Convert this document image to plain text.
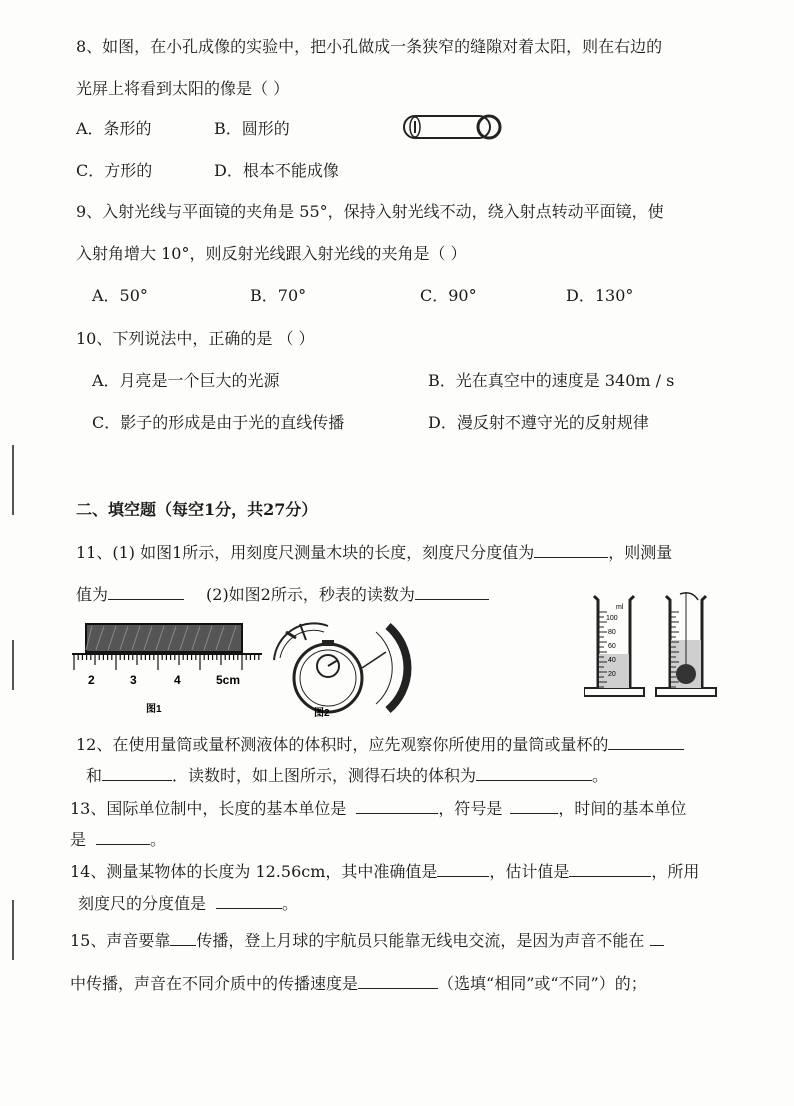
8、如图，在小孔成像的实验中，把小孔做成一条狭窄的缝隙对着太阳，则在右边的
光屏上将看到太阳的像是（ ）
A．条形的	B．圆形的
C．方形的	D．根本不能成像
9、入射光线与平面镜的夹角是 55°，保持入射光线不动，绕入射点转动平面镜，使
入射角增大 10°，则反射光线跟入射光线的夹角是（ ）
A．50°	B．70°	C．90°	D．130°
10、下列说法中，正确的是 （ ）
A．月亮是一个巨大的光源	B．光在真空中的速度是 340m / s
C．影子的形成是由于光的直线传播	D．漫反射不遵守光的反射规律
二、填空题（每空1分，共27分）
11、(1) 如图1所示，用刻度尺测量木块的长度，刻度尺分度值为	，则测量
值为	(2)如图2所示，秒表的读数为
2	3	4	5cm
图1	图2
ml
100
80
60
40
20
12、在使用量筒或量杯测液体的体积时，应先观察你所使用的量筒或量杯的
和	．读数时，如上图所示，测得石块的体积为	。
13、国际单位制中，长度的基本单位是	，符号是	，时间的基本单位
是	。
14、测量某物体的长度为 12.56cm，其中准确值是	，估计值是	，所用
刻度尺的分度值是	。
15、声音要靠 传播，登上月球的宇航员只能靠无线电交流，是因为声音不能在
中传播，声音在不同介质中的传播速度是	（选填“相同”或“不同”）的；
